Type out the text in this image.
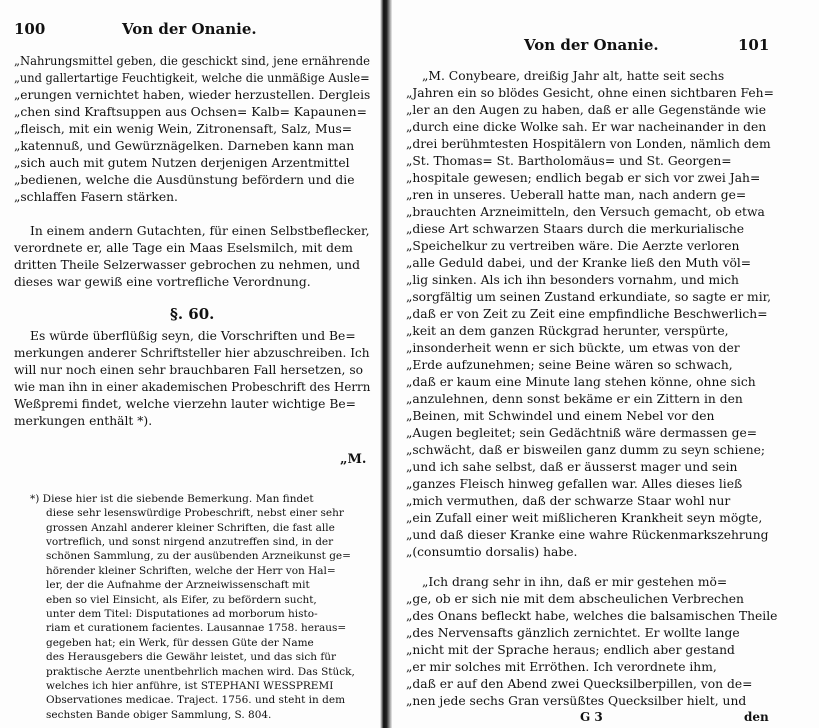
100	Von der Onanie.
„Nahrungsmittel geben, die geschickt sind, jene ernährende
„und gallertartige Feuchtigkeit, welche die unmäßige Ausle=
„erungen vernichtet haben, wieder herzustellen. Dergleis
„chen sind Kraftsuppen aus Ochsen= Kalb= Kapaunen=
„fleisch, mit ein wenig Wein, Zitronensaft, Salz, Mus=
„katennuß, und Gewürznägelken. Darneben kann man
„sich auch mit gutem Nutzen derjenigen Arzentmittel
„bedienen, welche die Ausdünstung befördern und die
„schlaffen Fasern stärken.
In einem andern Gutachten, für einen Selbstbeflecker,
verordnete er, alle Tage ein Maas Eselsmilch, mit dem
dritten Theile Selzerwasser gebrochen zu nehmen, und
dieses war gewiß eine vortrefliche Verordnung.
§. 60.
Es würde überflüßig seyn, die Vorschriften und Be=
merkungen anderer Schriftsteller hier abzuschreiben. Ich
will nur noch einen sehr brauchbaren Fall hersetzen, so
wie man ihn in einer akademischen Probeschrift des Herrn
Weßpremi findet, welche vierzehn lauter wichtige Be=
merkungen enthält *).
„M.
*) Diese hier ist die siebende Bemerkung. Man findet
diese sehr lesenswürdige Probeschrift, nebst einer sehr
grossen Anzahl anderer kleiner Schriften, die fast alle
vortreflich, und sonst nirgend anzutreffen sind, in der
schönen Sammlung, zu der ausübenden Arzneikunst ge=
hörender kleiner Schriften, welche der Herr von Hal=
ler, der die Aufnahme der Arzneiwissenschaft mit
eben so viel Einsicht, als Eifer, zu befördern sucht,
unter dem Titel: Disputationes ad morborum histo-
riam et curationem facientes. Lausannae 1758. heraus=
gegeben hat; ein Werk, für dessen Güte der Name
des Herausgebers die Gewähr leistet, und das sich für
praktische Aerzte unentbehrlich machen wird. Das Stück,
welches ich hier anführe, ist STEPHANI WESSPREMI
Observationes medicae. Traject. 1756. und steht in dem
sechsten Bande obiger Sammlung, S. 804.
Von der Onanie.	101
„M. Conybeare, dreißig Jahr alt, hatte seit sechs
„Jahren ein so blödes Gesicht, ohne einen sichtbaren Feh=
„ler an den Augen zu haben, daß er alle Gegenstände wie
„durch eine dicke Wolke sah. Er war nacheinander in den
„drei berühmtesten Hospitälern von Londen, nämlich dem
„St. Thomas= St. Bartholomäus= und St. Georgen=
„hospitale gewesen; endlich begab er sich vor zwei Jah=
„ren in unseres. Ueberall hatte man, nach andern ge=
„brauchten Arzneimitteln, den Versuch gemacht, ob etwa
„diese Art schwarzen Staars durch die merkurialische
„Speichelkur zu vertreiben wäre. Die Aerzte verloren
„alle Geduld dabei, und der Kranke ließ den Muth völ=
„lig sinken. Als ich ihn besonders vornahm, und mich
„sorgfältig um seinen Zustand erkundiate, so sagte er mir,
„daß er von Zeit zu Zeit eine empfindliche Beschwerlich=
„keit an dem ganzen Rückgrad herunter, verspürte,
„insonderheit wenn er sich bückte, um etwas von der
„Erde aufzunehmen; seine Beine wären so schwach,
„daß er kaum eine Minute lang stehen könne, ohne sich
„anzulehnen, denn sonst bekäme er ein Zittern in den
„Beinen, mit Schwindel und einem Nebel vor den
„Augen begleitet; sein Gedächtniß wäre dermassen ge=
„schwächt, daß er bisweilen ganz dumm zu seyn schiene;
„und ich sahe selbst, daß er äusserst mager und sein
„ganzes Fleisch hinweg gefallen war. Alles dieses ließ
„mich vermuthen, daß der schwarze Staar wohl nur
„ein Zufall einer weit mißlicheren Krankheit seyn mögte,
„und daß dieser Kranke eine wahre Rückenmarkszehrung
„(consumtio dorsalis) habe.
„Ich drang sehr in ihn, daß er mir gestehen mö=
„ge, ob er sich nie mit dem abscheulichen Verbrechen
„des Onans befleckt habe, welches die balsamischen Theile
„des Nervensafts gänzlich zernichtet. Er wollte lange
„nicht mit der Sprache heraus; endlich aber gestand
„er mir solches mit Erröthen. Ich verordnete ihm,
„daß er auf den Abend zwei Quecksilberpillen, von de=
„nen jede sechs Gran versüßtes Quecksilber hielt, und
G 3	den
